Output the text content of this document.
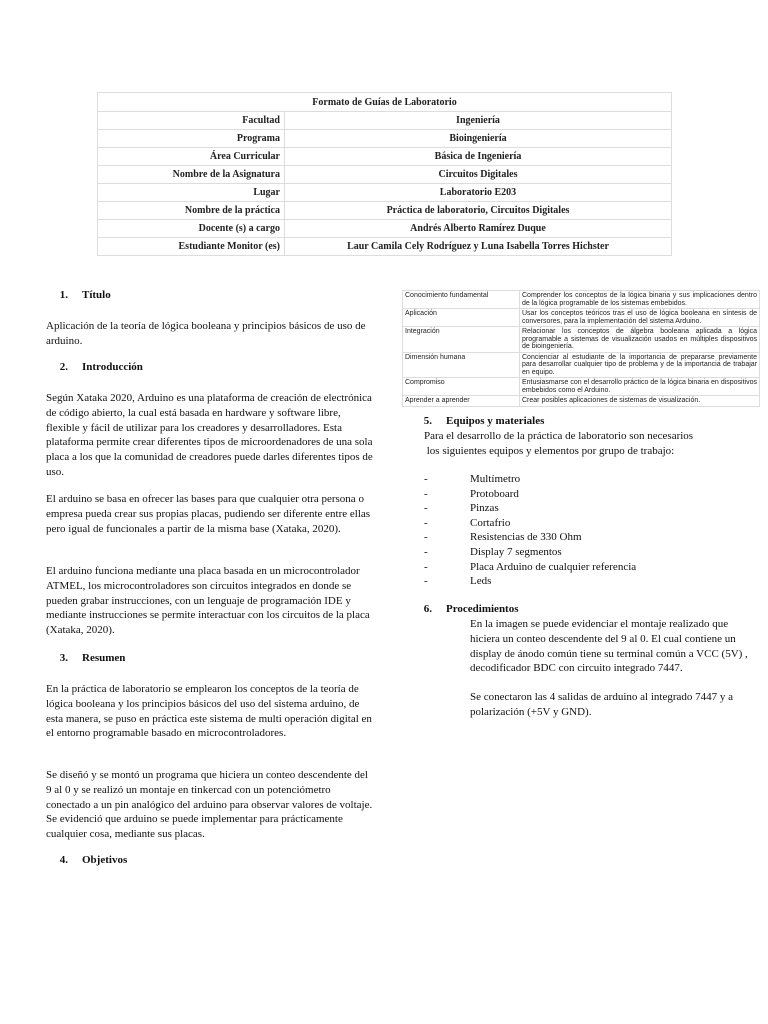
Formato de Guías de Laboratorio	
Facultad	Ingeniería
Programa	Bioingeniería
Área Curricular	Básica de Ingeniería
Nombre de la Asignatura	Circuitos Digitales
Lugar	Laboratorio E203
Nombre de la práctica	Práctica de laboratorio, Circuitos Digitales
Docente (s) a cargo	Andrés Alberto Ramírez Duque
Estudiante Monitor (es)	Laur Camila Cely Rodríguez y Luna Isabella Torres Hichster
1. Título

Aplicación de la teoría de lógica booleana y principios básicos de uso de arduino.

2. Introducción

Según Xataka 2020, Arduino es una plataforma de creación de electrónica de código abierto, la cual está basada en hardware y software libre, flexible y fácil de utilizar para los creadores y desarrolladores. Esta plataforma permite crear diferentes tipos de microordenadores de una sola placa a los que la comunidad de creadores puede darles diferentes tipos de uso.

El arduino se basa en ofrecer las bases para que cualquier otra persona o empresa pueda crear sus propias placas, pudiendo ser diferente entre ellas pero igual de funcionales a partir de la misma base (Xataka, 2020).

El arduino funciona mediante una placa basada en un microcontrolador ATMEL, los microcontroladores son circuitos integrados en donde se pueden grabar instrucciones, con un lenguaje de programación IDE y mediante instrucciones se permite interactuar con los circuitos de la placa (Xataka, 2020).

3. Resumen

En la práctica de laboratorio se emplearon los conceptos de la teoría de lógica booleana y los principios básicos del uso del sistema arduino, de esta manera, se puso en práctica este sistema de multi operación digital en el entorno programable basado en microcontroladores.

Se diseñó y se montó un programa que hiciera un conteo descendente del 9 al 0 y se realizó un montaje en tinkercad con un potenciómetro conectado a un pin analógico del arduino para observar valores de voltaje. Se evidenció que arduino se puede implementar para prácticamente cualquier cosa, mediante sus placas.

4. Objetivos
Conocimiento fundamental	Comprender los conceptos de la lógica binaria y sus implicaciones dentro de la lógica programable de los sistemas embebidos.
Aplicación	Usar los conceptos teóricos tras el uso de lógica booleana en síntesis de conversores, para la implementación del sistema Arduino.
Integración	Relacionar los conceptos de álgebra booleana aplicada a lógica programable a sistemas de visualización usados en múltiples dispositivos de bioingeniería.
Dimensión humana	Concienciar al estudiante de la importancia de prepararse previamente para desarrollar cualquier tipo de problema y de la importancia de trabajar en equipo.
Compromiso	Entusiasmarse con el desarrollo práctico de la lógica binaria en dispositivos embebidos como el Arduino.
Aprender a aprender	Crear posibles aplicaciones de sistemas de visualización.
5. Equipos y materiales

Para el desarrollo de la práctica de laboratorio son necesarios

los siguientes equipos y elementos por grupo de trabajo:

-	Multímetro
-	Protoboard
-	Pinzas
-	Cortafrio
-	Resistencias de 330 Ohm
-	Display 7 segmentos
-	Placa Arduino de cualquier referencia
-	Leds
6. Procedimientos

En la imagen se puede evidenciar el montaje realizado que hiciera un conteo descendente del 9 al 0. El cual contiene un display de ánodo común tiene su terminal común a VCC (5V) , decodificador BDC con circuito integrado 7447.

Se conectaron las 4 salidas de arduino al integrado 7447 y a polarización (+5V y GND).
